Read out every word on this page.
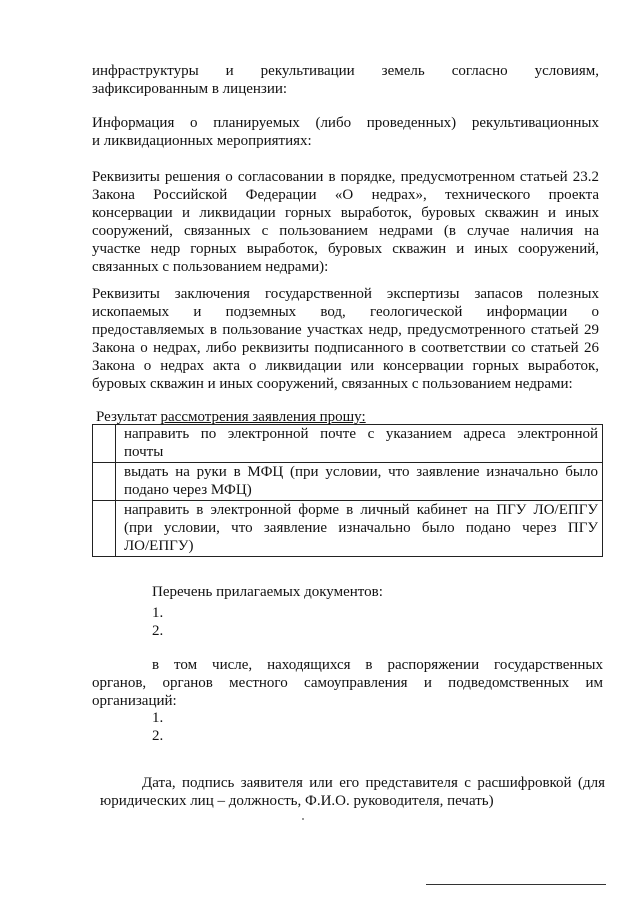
инфраструктуры и рекультивации земель согласно условиям,
зафиксированным в лицензии:
Информация о планируемых (либо проведенных) рекультивационных
и ликвидационных мероприятиях:
Реквизиты решения о согласовании в порядке, предусмотренном статьей 23.2
Закона Российской Федерации «О недрах», технического проекта
консервации и ликвидации горных выработок, буровых скважин и иных
сооружений, связанных с пользованием недрами (в случае наличия на
участке недр горных выработок, буровых скважин и иных сооружений,
связанных с пользованием недрами):
Реквизиты заключения государственной экспертизы запасов полезных
ископаемых и подземных вод, геологической информации о
предоставляемых в пользование участках недр, предусмотренного статьей 29
Закона о недрах, либо реквизиты подписанного в соответствии со статьей 26
Закона о недрах акта о ликвидации или консервации горных выработок,
буровых скважин и иных сооружений, связанных с пользованием недрами:
Результат рассмотрения заявления прошу:

	направить по электронной почте с указанием адреса электронной
почты

	выдать на руки в МФЦ (при условии, что заявление изначально было
подано через МФЦ)

	направить в электронной форме в личный кабинет на ПГУ ЛО/ЕПГУ
(при условии, что заявление изначально было подано через ПГУ
ЛО/ЕПГУ)
Перечень прилагаемых документов:
1.
2.
в том числе, находящихся в распоряжении государственных
органов, органов местного самоуправления и подведомственных им
организаций:
1.
2.
Дата, подпись заявителя или его представителя с расшифровкой (для
юридических лиц – должность, Ф.И.О. руководителя, печать)
